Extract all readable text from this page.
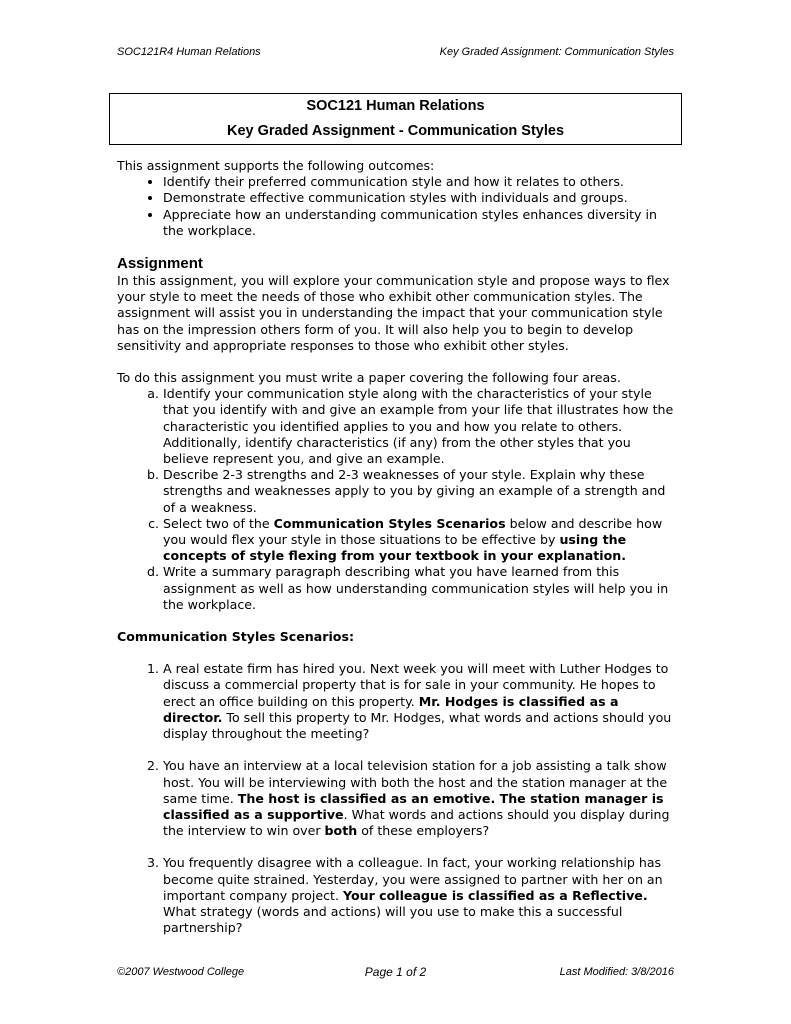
SOC121R4 Human Relations	Key Graded Assignment: Communication Styles
SOC121 Human Relations
Key Graded Assignment - Communication Styles

This assignment supports the following outcomes:

• Identify their preferred communication style and how it relates to others.
• Demonstrate effective communication styles with individuals and groups.
• Appreciate how an understanding communication styles enhances diversity in the workplace.
Assignment

In this assignment, you will explore your communication style and propose ways to flex your style to meet the needs of those who exhibit other communication styles. The assignment will assist you in understanding the impact that your communication style has on the impression others form of you. It will also help you to begin to develop sensitivity and appropriate responses to those who exhibit other styles.

To do this assignment you must write a paper covering the following four areas.

a. Identify your communication style along with the characteristics of your style that you identify with and give an example from your life that illustrates how the characteristic you identified applies to you and how you relate to others. Additionally, identify characteristics (if any) from the other styles that you believe represent you, and give an example.
b. Describe 2-3 strengths and 2-3 weaknesses of your style. Explain why these strengths and weaknesses apply to you by giving an example of a strength and of a weakness.
c. Select two of the Communication Styles Scenarios below and describe how you would flex your style in those situations to be effective by using the concepts of style flexing from your textbook in your explanation.
d. Write a summary paragraph describing what you have learned from this assignment as well as how understanding communication styles will help you in the workplace.

Communication Styles Scenarios:

1. A real estate firm has hired you. Next week you will meet with Luther Hodges to discuss a commercial property that is for sale in your community. He hopes to erect an office building on this property. Mr. Hodges is classified as a director. To sell this property to Mr. Hodges, what words and actions should you display throughout the meeting?
2. You have an interview at a local television station for a job assisting a talk show host. You will be interviewing with both the host and the station manager at the same time. The host is classified as an emotive. The station manager is classified as a supportive. What words and actions should you display during the interview to win over both of these employers?
3. You frequently disagree with a colleague. In fact, your working relationship has become quite strained. Yesterday, you were assigned to partner with her on an important company project. Your colleague is classified as a Reflective. What strategy (words and actions) will you use to make this a successful partnership?
©2007 Westwood College	Page 1 of 2	Last Modified: 3/8/2016
